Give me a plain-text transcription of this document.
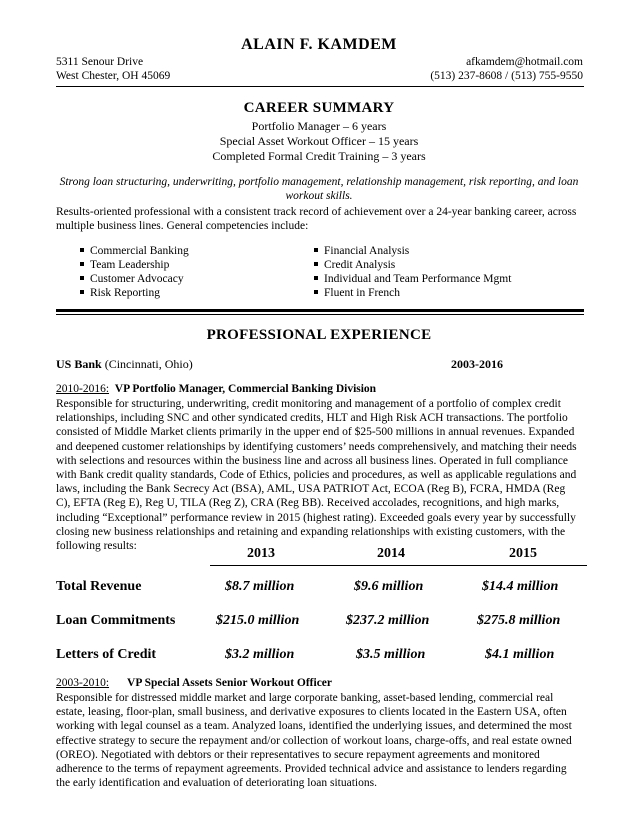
ALAIN F. KAMDEM
5311 Senour Drive
West Chester, OH 45069
afkamdem@hotmail.com
(513) 237-8608 / (513) 755-9550
CAREER SUMMARY
Portfolio Manager – 6 years
Special Asset Workout Officer – 15 years
Completed Formal Credit Training – 3 years
Strong loan structuring, underwriting, portfolio management, relationship management, risk reporting, and loan
workout skills.
Results-oriented professional with a consistent track record of achievement over a 24-year banking career, across
multiple business lines. General competencies include:
Commercial Banking
Team Leadership
Customer Advocacy
Risk Reporting
Financial Analysis
Credit Analysis
Individual and Team Performance Mgmt
Fluent in French
PROFESSIONAL EXPERIENCE
US Bank (Cincinnati, Ohio)	2003-2016
2010-2016: VP Portfolio Manager, Commercial Banking Division
Responsible for structuring, underwriting, credit monitoring and management of a portfolio of complex credit
relationships, including SNC and other syndicated credits, HLT and High Risk ACH transactions. The portfolio
consisted of Middle Market clients primarily in the upper end of $25-500 millions in annual revenues. Expanded
and deepened customer relationships by identifying customers’ needs comprehensively, and matching their needs
with selections and resources within the business line and across all business lines. Operated in full compliance
with Bank credit quality standards, Code of Ethics, policies and procedures, as well as applicable regulations and
laws, including the Bank Secrecy Act (BSA), AML, USA PATRIOT Act, ECOA (Reg B), FCRA, HMDA (Reg
C), EFTA (Reg E), Reg U, TILA (Reg Z), CRA (Reg BB). Received accolades, recognitions, and high marks,
including “Exceptional” performance review in 2015 (highest rating). Exceeded goals every year by successfully
closing new business relationships and retaining and expanding relationships with existing customers, with the
following results:	2013	2014	2015
Total Revenue	$8.7 million	$9.6 million	$14.4 million
Loan Commitments	$215.0 million	$237.2 million	$275.8 million
Letters of Credit	$3.2 million	$3.5 million	$4.1 million
2003-2010: VP Special Assets Senior Workout Officer
Responsible for distressed middle market and large corporate banking, asset-based lending, commercial real
estate, leasing, floor-plan, small business, and derivative exposures to clients located in the Eastern USA, often
working with legal counsel as a team. Analyzed loans, identified the underlying issues, and determined the most
effective strategy to secure the repayment and/or collection of workout loans, charge-offs, and real estate owned
(OREO). Negotiated with debtors or their representatives to secure repayment agreements and monitored
adherence to the terms of repayment agreements. Provided technical advice and assistance to lenders regarding
the early identification and evaluation of deteriorating loan situations.
